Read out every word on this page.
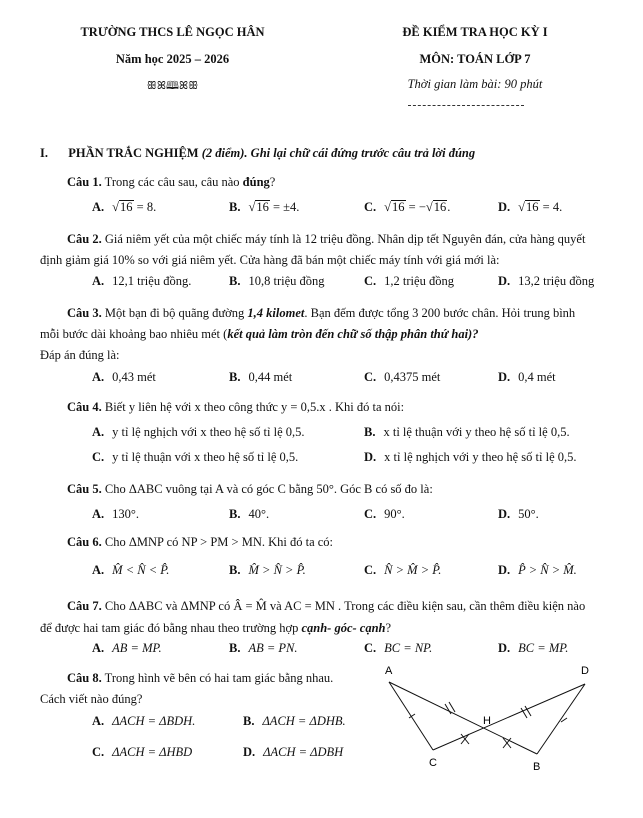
TRƯỜNG THCS LÊ NGỌC HÂN
Năm học 2025 – 2026
ꕥꕤ🕮ꕤꕥ
ĐỀ KIỂM TRA HỌC KỲ I
MÔN: TOÁN LỚP 7
Thời gian làm bài: 90 phút
I. PHẦN TRẮC NGHIỆM (2 điểm). Ghi lại chữ cái đứng trước câu trả lời đúng
Câu 1. Trong các câu sau, câu nào đúng?
A. √16 = 8.	B. √16 = ±4.	C. √16 = −√16.	D. √16 = 4.
Câu 2. Giá niêm yết của một chiếc máy tính là 12 triệu đồng. Nhân dịp tết Nguyên đán, cửa hàng quyết
định giảm giá 10% so với giá niêm yết. Cửa hàng đã bán một chiếc máy tính với giá mới là:
A. 12,1 triệu đồng.	B. 10,8 triệu đồng	C. 1,2 triệu đồng	D. 13,2 triệu đồng
Câu 3. Một bạn đi bộ quãng đường 1,4 kilomet. Bạn đếm được tổng 3 200 bước chân. Hỏi trung bình
mỗi bước dài khoảng bao nhiêu mét (kết quả làm tròn đến chữ số thập phân thứ hai)?
Đáp án đúng là:
A. 0,43 mét	B. 0,44 mét	C. 0,4375 mét	D. 0,4 mét
Câu 4. Biết y liên hệ với x theo công thức y = 0,5.x . Khi đó ta nói:
A. y tỉ lệ nghịch với x theo hệ số tỉ lệ 0,5.	B. x tỉ lệ thuận với y theo hệ số tỉ lệ 0,5.
C. y tỉ lệ thuận với x theo hệ số tỉ lệ 0,5.	D. x tỉ lệ nghịch với y theo hệ số tỉ lệ 0,5.
Câu 5. Cho ΔABC vuông tại A và có góc C bằng 50°. Góc B có số đo là:
A. 130°.	B. 40°.	C. 90°.	D. 50°.
Câu 6. Cho ΔMNP có NP > PM > MN. Khi đó ta có:
A. M̂ < N̂ < P̂.	B. M̂ > N̂ > P̂.	C. N̂ > M̂ > P̂.	D. P̂ > N̂ > M̂.
Câu 7. Cho ΔABC và ΔMNP có Â = M̂ và AC = MN . Trong các điều kiện sau, cần thêm điều kiện nào
để được hai tam giác đó bằng nhau theo trường hợp cạnh- góc- cạnh?
A. AB = MP.	B. AB = PN.	C. BC = NP.	D. BC = MP.
Câu 8. Trong hình vẽ bên có hai tam giác bằng nhau.
Cách viết nào đúng?
A. ΔACH = ΔBDH.	B. ΔACH = ΔDHB.
C. ΔACH = ΔHBD	D. ΔACH = ΔDBH
A	D
H
C	B
